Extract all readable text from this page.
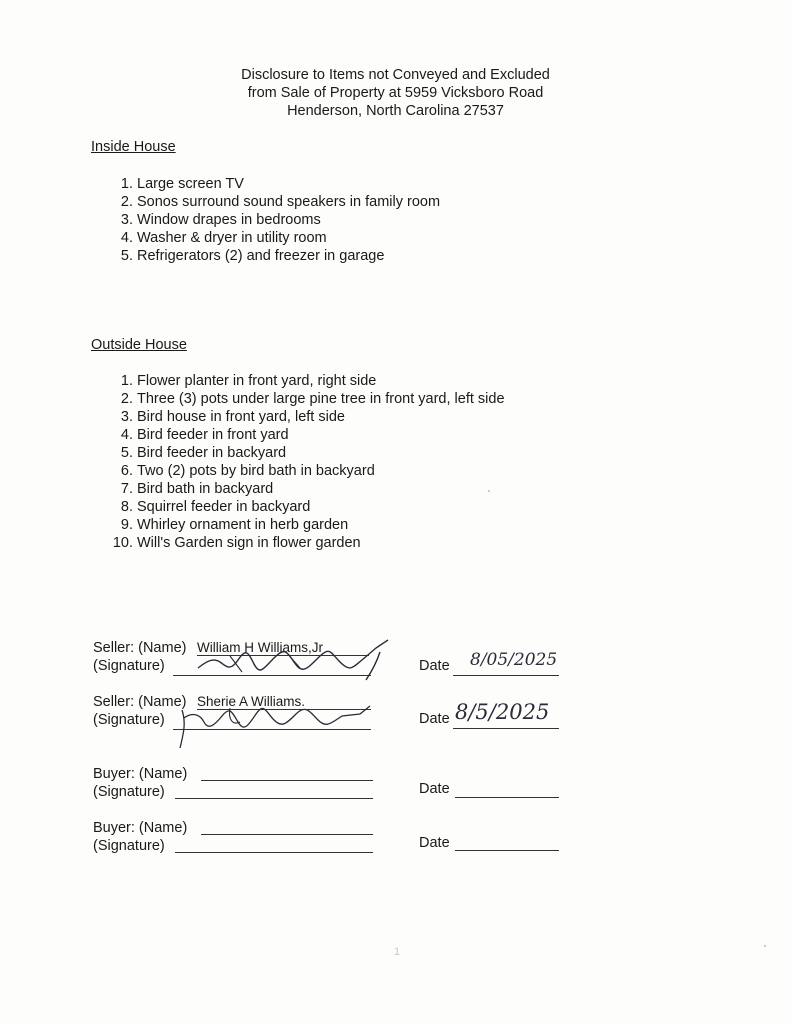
Disclosure to Items not Conveyed and Excluded
from Sale of Property at 5959 Vicksboro Road
Henderson, North Carolina 27537
Inside House
1. Large screen TV
2. Sonos surround sound speakers in family room
3. Window drapes in bedrooms
4. Washer & dryer in utility room
5. Refrigerators (2) and freezer in garage
Outside House
1. Flower planter in front yard, right side
2. Three (3) pots under large pine tree in front yard, left side
3. Bird house in front yard, left side
4. Bird feeder in front yard
5. Bird feeder in backyard
6. Two (2) pots by bird bath in backyard
7. Bird bath in backyard
8. Squirrel feeder in backyard
9. Whirley ornament in herb garden
10. Will's Garden sign in flower garden
Seller: (Name) William H Williams,Jr
(Signature)	Date 8/05/2025
Seller: (Name) Sherie A Williams.
(Signature)	Date 8/5/2025
Buyer: (Name)
(Signature)	Date
Buyer: (Name)
(Signature)	Date
1
